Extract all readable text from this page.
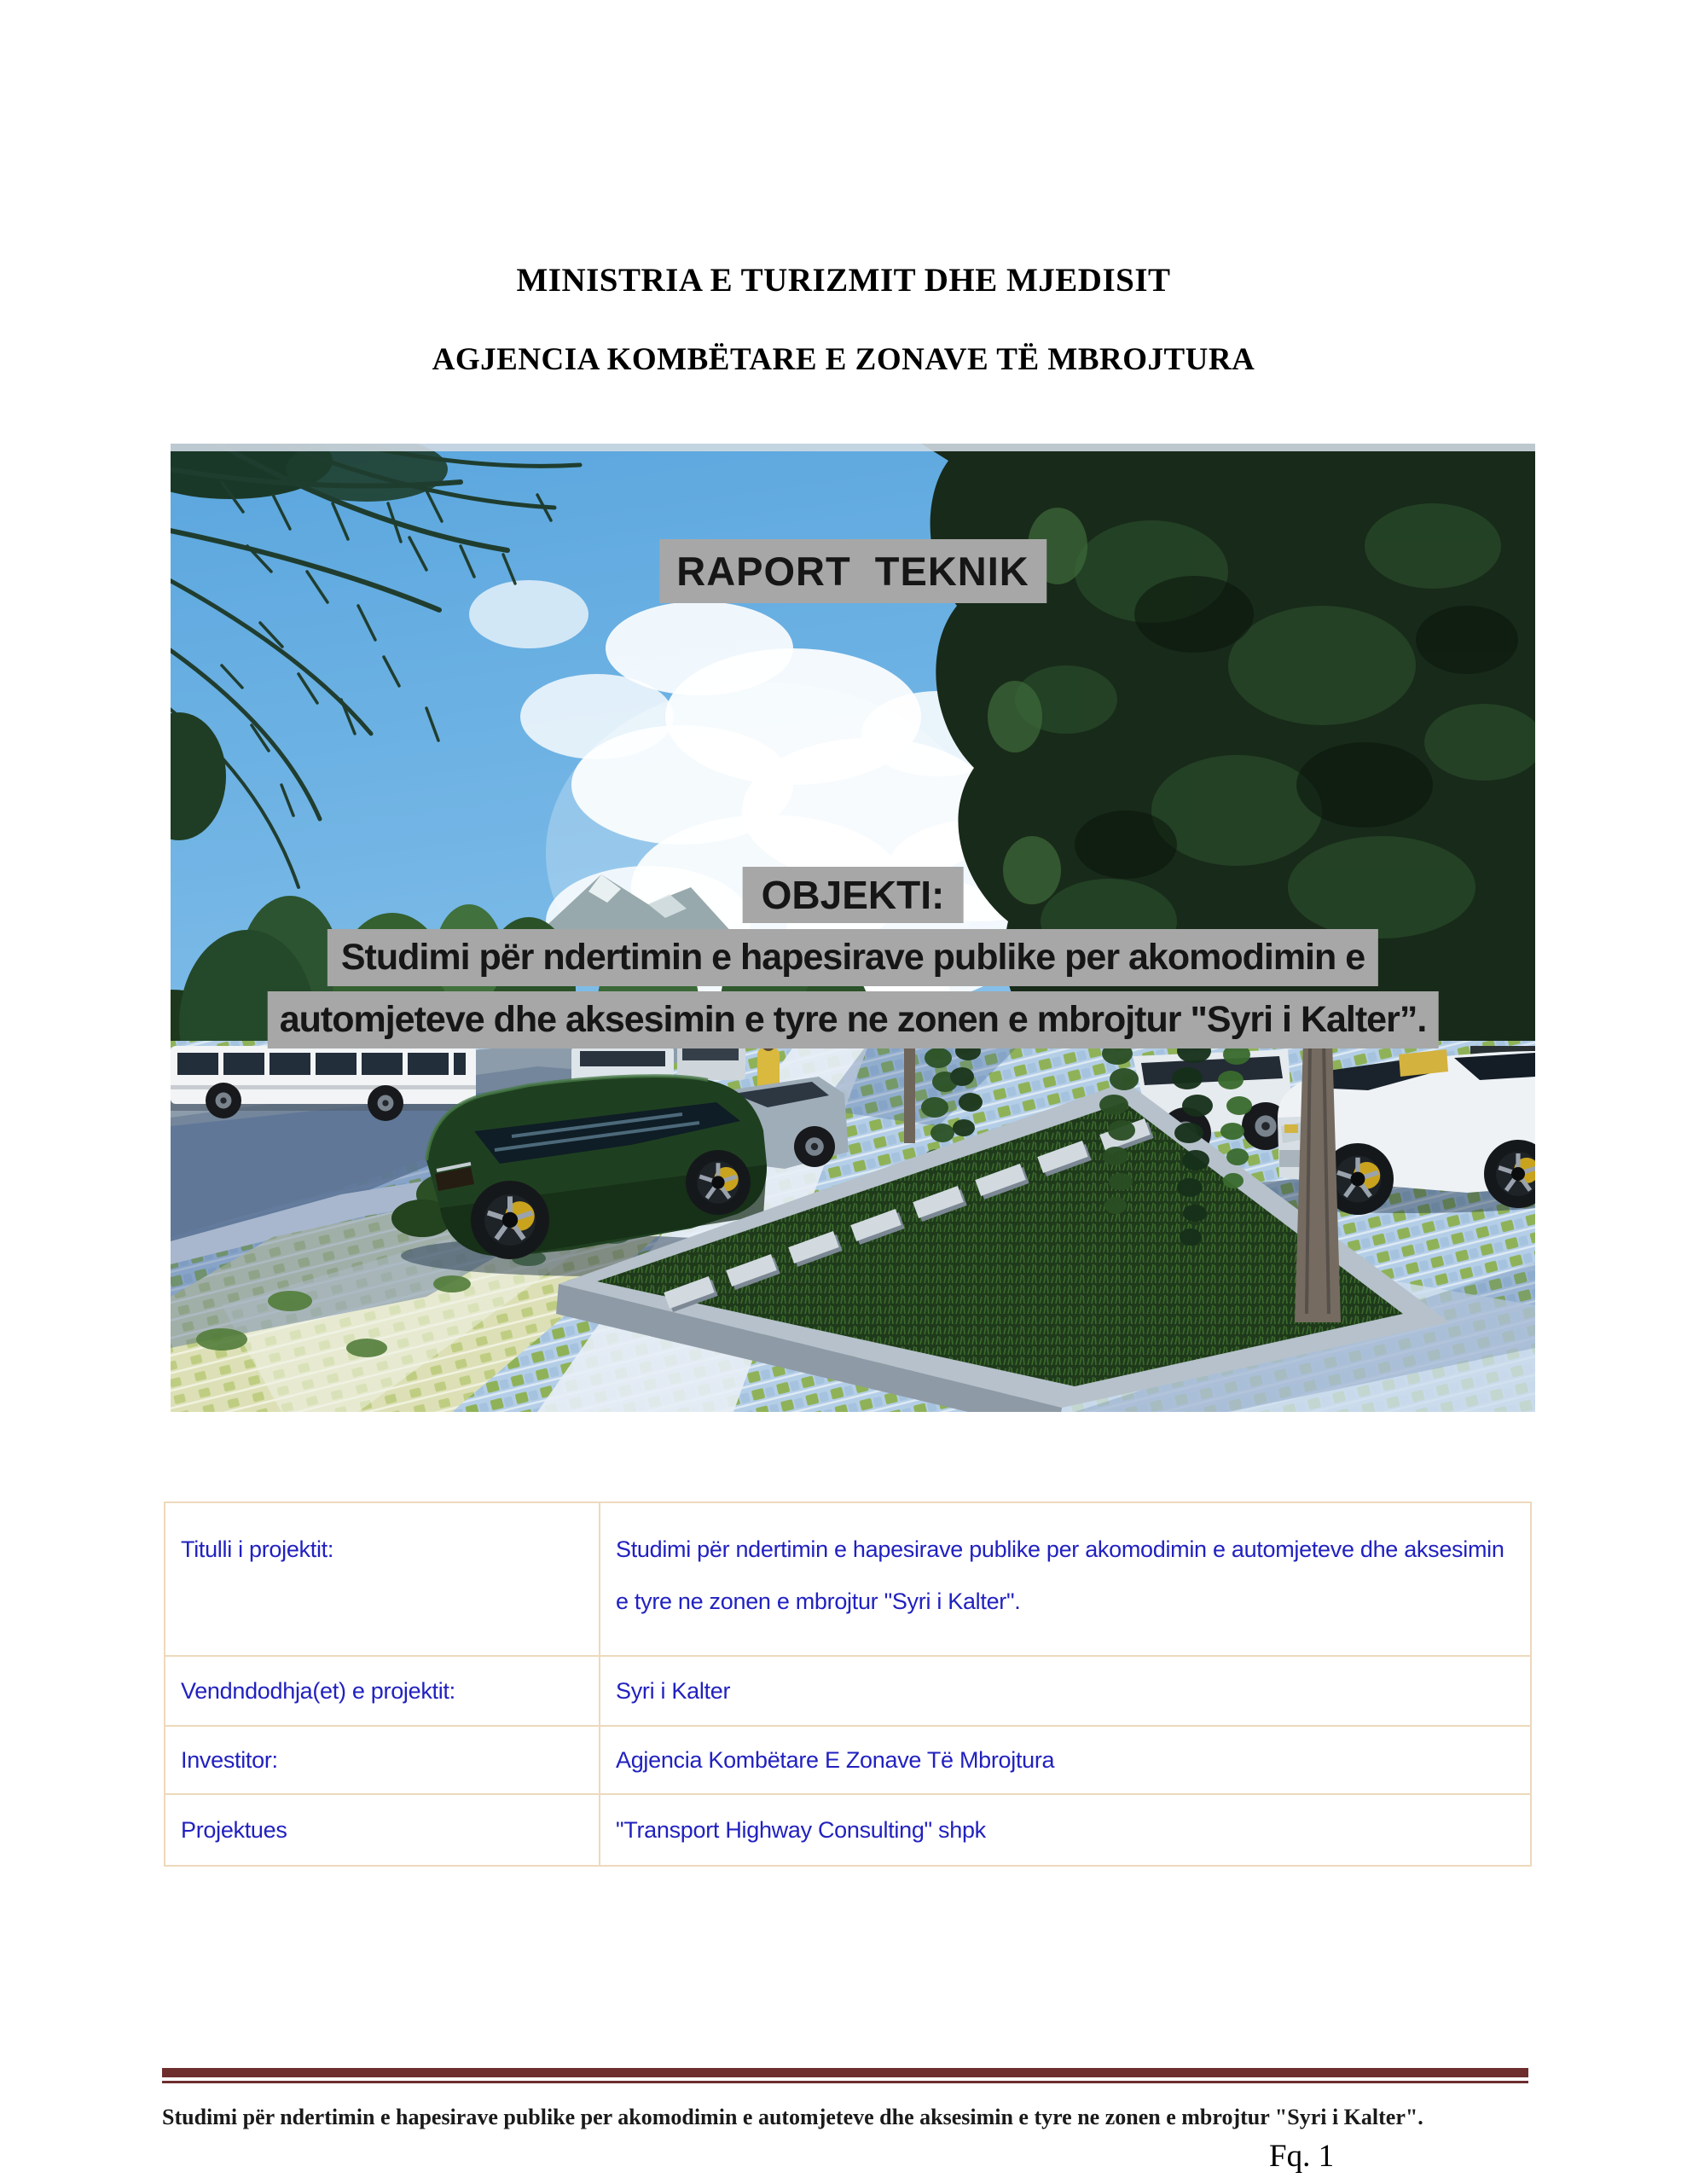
MINISTRIA E TURIZMIT DHE MJEDISIT
AGJENCIA KOMBËTARE E ZONAVE TË MBROJTURA
RAPORT  TEKNIK
OBJEKTI:
Studimi për ndertimin e hapesirave publike per akomodimin e
automjeteve dhe aksesimin e tyre ne zonen e mbrojtur "Syri i Kalter”.
Titulli i projektit:	Studimi për ndertimin e hapesirave publike per akomodimin e automjeteve dhe aksesimin e tyre ne zonen e mbrojtur "Syri i Kalter".
Vendndodhja(et) e projektit:	Syri i Kalter
Investitor:	Agjencia Kombëtare E Zonave Të Mbrojtura
Projektues	"Transport Highway Consulting" shpk
Studimi për ndertimin e hapesirave publike per akomodimin e automjeteve dhe aksesimin e tyre ne zonen e mbrojtur "Syri i Kalter".
Fq. 1
